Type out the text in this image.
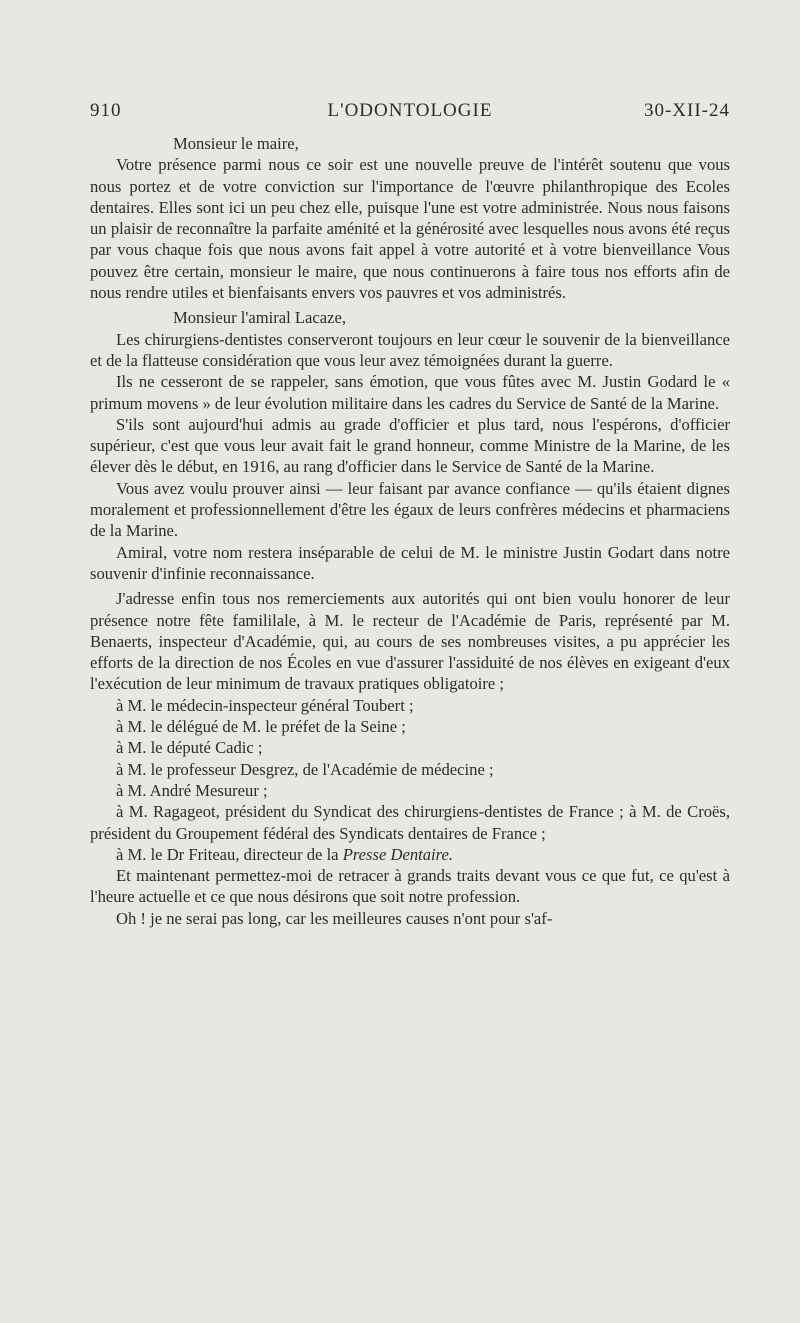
910	L'ODONTOLOGIE	30-XII-24

Monsieur le maire,

Votre présence parmi nous ce soir est une nouvelle preuve de l'intérêt soutenu que vous nous portez et de votre conviction sur l'importance de l'œuvre philanthropique des Ecoles dentaires. Elles sont ici un peu chez elle, puisque l'une est votre administrée. Nous nous faisons un plaisir de reconnaître la parfaite aménité et la générosité avec lesquelles nous avons été reçus par vous chaque fois que nous avons fait appel à votre autorité et à votre bienveillance Vous pouvez être certain, monsieur le maire, que nous continuerons à faire tous nos efforts afin de nous rendre utiles et bienfaisants envers vos pauvres et vos administrés.

Monsieur l'amiral Lacaze,

Les chirurgiens-dentistes conserveront toujours en leur cœur le souvenir de la bienveillance et de la flatteuse considération que vous leur avez témoignées durant la guerre.

Ils ne cesseront de se rappeler, sans émotion, que vous fûtes avec M. Justin Godard le « primum movens » de leur évolution militaire dans les cadres du Service de Santé de la Marine.

S'ils sont aujourd'hui admis au grade d'officier et plus tard, nous l'espérons, d'officier supérieur, c'est que vous leur avait fait le grand honneur, comme Ministre de la Marine, de les élever dès le début, en 1916, au rang d'officier dans le Service de Santé de la Marine.

Vous avez voulu prouver ainsi — leur faisant par avance confiance — qu'ils étaient dignes moralement et professionnellement d'être les égaux de leurs confrères médecins et pharmaciens de la Marine.

Amiral, votre nom restera inséparable de celui de M. le ministre Justin Godart dans notre souvenir d'infinie reconnaissance.

J'adresse enfin tous nos remerciements aux autorités qui ont bien voulu honorer de leur présence notre fête famililale, à M. le recteur de l'Académie de Paris, représenté par M. Benaerts, inspecteur d'Académie, qui, au cours de ses nombreuses visites, a pu apprécier les efforts de la direction de nos Écoles en vue d'assurer l'assiduité de nos élèves en exigeant d'eux l'exécution de leur minimum de travaux pratiques obligatoire ;

à M. le médecin-inspecteur général Toubert ;

à M. le délégué de M. le préfet de la Seine ;

à M. le député Cadic ;

à M. le professeur Desgrez, de l'Académie de médecine ;

à M. André Mesureur ;

à M. Ragageot, président du Syndicat des chirurgiens-dentistes de France ; à M. de Croës, président du Groupement fédéral des Syndicats dentaires de France ;

à M. le Dr Friteau, directeur de la Presse Dentaire.

Et maintenant permettez-moi de retracer à grands traits devant vous ce que fut, ce qu'est à l'heure actuelle et ce que nous désirons que soit notre profession.

Oh ! je ne serai pas long, car les meilleures causes n'ont pour s'af-
